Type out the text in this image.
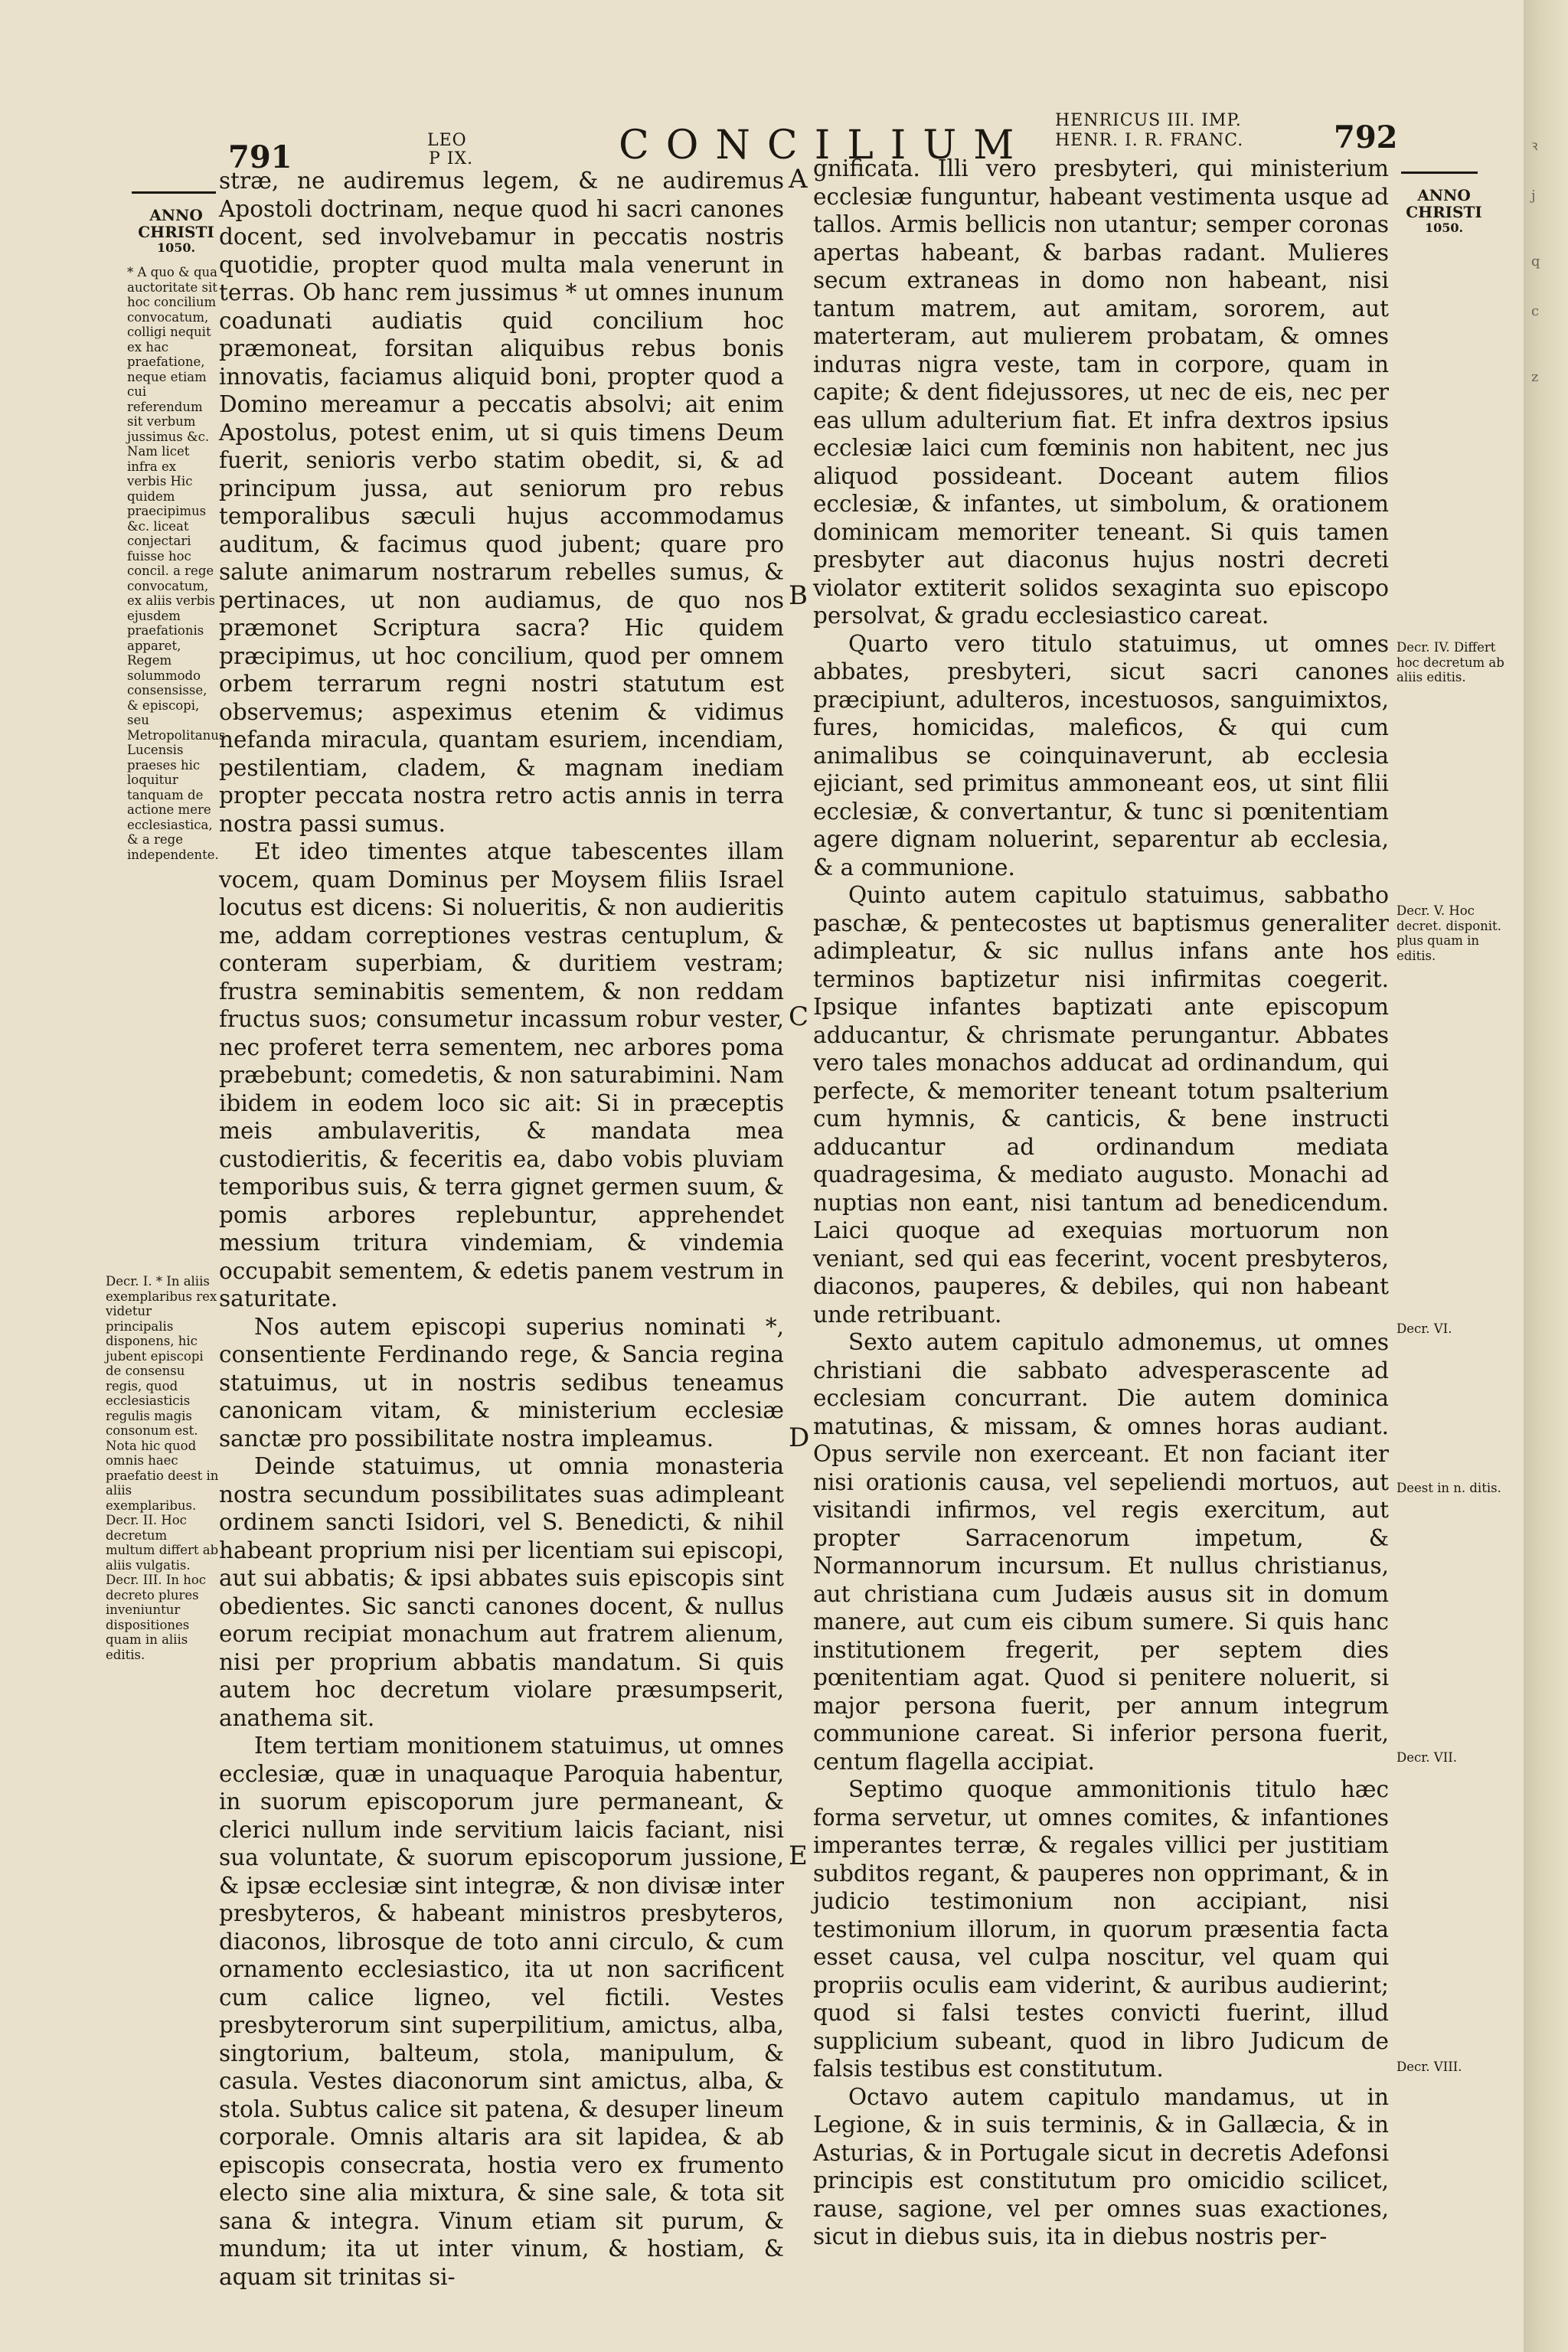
ꝛ

j

q

c

z
791	LEO
P IX.	CONCILIUM
HENRICUS III. IMP.
HENR. I. R. FRANC.	792
ANNO
CHRISTI
1050.
ANNO
CHRISTI
1050.
* A quo & qua auctoritate sit hoc concilium convocatum, colligi nequit ex hac praefatione, neque etiam cui referendum sit verbum jussimus &c. Nam licet infra ex verbis Hic quidem praecipimus &c. liceat conjectari fuisse hoc concil. a rege convocatum, ex aliis verbis ejusdem praefationis apparet, Regem solummodo consensisse, & episcopi, seu Metropolitanus Lucensis praeses hic loquitur tanquam de actione mere ecclesiastica, & a rege independente.
Decr. I. * In aliis exemplaribus rex videtur principalis disponens, hic jubent episcopi de consensu regis, quod ecclesiasticis regulis magis consonum est. Nota hic quod omnis haec praefatio deest in aliis exemplaribus. Decr. II. Hoc decretum multum differt ab aliis vulgatis. Decr. III. In hoc decreto plures inveniuntur dispositiones quam in aliis editis.
Decr. IV. Differt hoc decretum ab aliis editis.
Decr. V. Hoc decret. disponit. plus quam in editis.
Decr. VI.
Deest in n. ditis.
Decr. VII.
Decr. VIII.
A
B
C
D
E

stræ, ne audiremus legem, & ne audiremus Apostoli doctrinam, neque quod hi sacri canones docent, sed involvebamur in peccatis nostris quotidie, propter quod multa mala venerunt in terras. Ob hanc rem jussimus * ut omnes inunum coadunati audiatis quid concilium hoc præmoneat, forsitan aliquibus rebus bonis innovatis, faciamus aliquid boni, propter quod a Domino mereamur a peccatis absolvi; ait enim Apostolus, potest enim, ut si quis timens Deum fuerit, senioris verbo statim obedit, si, & ad principum jussa, aut seniorum pro rebus temporalibus sæculi hujus accommodamus auditum, & facimus quod jubent; quare pro salute animarum nostrarum rebelles sumus, & pertinaces, ut non audiamus, de quo nos præmonet Scriptura sacra? Hic quidem præcipimus, ut hoc concilium, quod per omnem orbem terrarum regni nostri statutum est observemus; aspeximus etenim & vidimus nefanda miracula, quantam esuriem, incendiam, pestilentiam, cladem, & magnam inediam propter peccata nostra retro actis annis in terra nostra passi sumus.

Et ideo timentes atque tabescentes illam vocem, quam Dominus per Moysem filiis Israel locutus est dicens: Si nolueritis, & non audieritis me, addam correptiones vestras centuplum, & conteram superbiam, & duritiem vestram; frustra seminabitis sementem, & non reddam fructus suos; consumetur incassum robur vester, nec proferet terra sementem, nec arbores poma præbebunt; comedetis, & non saturabimini. Nam ibidem in eodem loco sic ait: Si in præceptis meis ambulaveritis, & mandata mea custodieritis, & feceritis ea, dabo vobis pluviam temporibus suis, & terra gignet germen suum, & pomis arbores replebuntur, apprehendet messium tritura vindemiam, & vindemia occupabit sementem, & edetis panem vestrum in saturitate.

Nos autem episcopi superius nominati *, consentiente Ferdinando rege, & Sancia regina statuimus, ut in nostris sedibus teneamus canonicam vitam, & ministerium ecclesiæ sanctæ pro possibilitate nostra impleamus.

Deinde statuimus, ut omnia monasteria nostra secundum possibilitates suas adimpleant ordinem sancti Isidori, vel S. Benedicti, & nihil habeant proprium nisi per licentiam sui episcopi, aut sui abbatis; & ipsi abbates suis episcopis sint obedientes. Sic sancti canones docent, & nullus eorum recipiat monachum aut fratrem alienum, nisi per proprium abbatis mandatum. Si quis autem hoc decretum violare præsumpserit, anathema sit.

Item tertiam monitionem statuimus, ut omnes ecclesiæ, quæ in unaquaque Paroquia habentur, in suorum episcoporum jure permaneant, & clerici nullum inde servitium laicis faciant, nisi sua voluntate, & suorum episcoporum jussione, & ipsæ ecclesiæ sint integræ, & non divisæ inter presbyteros, & habeant ministros presbyteros, diaconos, librosque de toto anni circulo, & cum ornamento ecclesiastico, ita ut non sacrificent cum calice ligneo, vel fictili. Vestes presbyterorum sint superpilitium, amictus, alba, singtorium, balteum, stola, manipulum, & casula. Vestes diaconorum sint amictus, alba, & stola. Subtus calice sit patena, & desuper lineum corporale. Omnis altaris ara sit lapidea, & ab episcopis consecrata, hostia vero ex frumento electo sine alia mixtura, & sine sale, & tota sit sana & integra. Vinum etiam sit purum, & mundum; ita ut inter vinum, & hostiam, & aquam sit trinitas si-

gnificata. Illi vero presbyteri, qui ministerium ecclesiæ funguntur, habeant vestimenta usque ad tallos. Armis bellicis non utantur; semper coronas apertas habeant, & barbas radant. Mulieres secum extraneas in domo non habeant, nisi tantum matrem, aut amitam, sororem, aut materteram, aut mulierem probatam, & omnes induтas nigra veste, tam in corpore, quam in capite; & dent fidejussores, ut nec de eis, nec per eas ullum adulterium fiat. Et infra dextros ipsius ecclesiæ laici cum fœminis non habitent, nec jus aliquod possideant. Doceant autem filios ecclesiæ, & infantes, ut simbolum, & orationem dominicam memoriter teneant. Si quis tamen presbyter aut diaconus hujus nostri decreti violator extiterit solidos sexaginta suo episcopo persolvat, & gradu ecclesiastico careat.

Quarto vero titulo statuimus, ut omnes abbates, presbyteri, sicut sacri canones præcipiunt, adulteros, incestuosos, sanguimixtos, fures, homicidas, maleficos, & qui cum animalibus se coinquinaverunt, ab ecclesia ejiciant, sed primitus ammoneant eos, ut sint filii ecclesiæ, & convertantur, & tunc si pœnitentiam agere dignam noluerint, separentur ab ecclesia, & a communione.

Quinto autem capitulo statuimus, sabbatho paschæ, & pentecostes ut baptismus generaliter adimpleatur, & sic nullus infans ante hos terminos baptizetur nisi infirmitas coegerit. Ipsique infantes baptizati ante episcopum adducantur, & chrismate perungantur. Abbates vero tales monachos adducat ad ordinandum, qui perfecte, & memoriter teneant totum psalterium cum hymnis, & canticis, & bene instructi adducantur ad ordinandum mediata quadragesima, & mediato augusto. Monachi ad nuptias non eant, nisi tantum ad benedicendum. Laici quoque ad exequias mortuorum non veniant, sed qui eas fecerint, vocent presbyteros, diaconos, pauperes, & debiles, qui non habeant unde retribuant.

Sexto autem capitulo admonemus, ut omnes christiani die sabbato advesperascente ad ecclesiam concurrant. Die autem dominica matutinas, & missam, & omnes horas audiant. Opus servile non exerceant. Et non faciant iter nisi orationis causa, vel sepeliendi mortuos, aut visitandi infirmos, vel regis exercitum, aut propter Sarracenorum impetum, & Normannorum incursum. Et nullus christianus, aut christiana cum Judæis ausus sit in domum manere, aut cum eis cibum sumere. Si quis hanc institutionem fregerit, per septem dies pœnitentiam agat. Quod si penitere noluerit, si major persona fuerit, per annum integrum communione careat. Si inferior persona fuerit, centum flagella accipiat.

Septimo quoque ammonitionis titulo hæc forma servetur, ut omnes comites, & infantiones imperantes terræ, & regales villici per justitiam subditos regant, & pauperes non opprimant, & in judicio testimonium non accipiant, nisi testimonium illorum, in quorum præsentia facta esset causa, vel culpa noscitur, vel quam qui propriis oculis eam viderint, & auribus audierint; quod si falsi testes convicti fuerint, illud supplicium subeant, quod in libro Judicum de falsis testibus est constitutum.

Octavo autem capitulo mandamus, ut in Legione, & in suis terminis, & in Gallæcia, & in Asturias, & in Portugale sicut in decretis Adefonsi principis est constitutum pro omicidio scilicet, rause, sagione, vel per omnes suas exactiones, sicut in diebus suis, ita in diebus nostris per-
